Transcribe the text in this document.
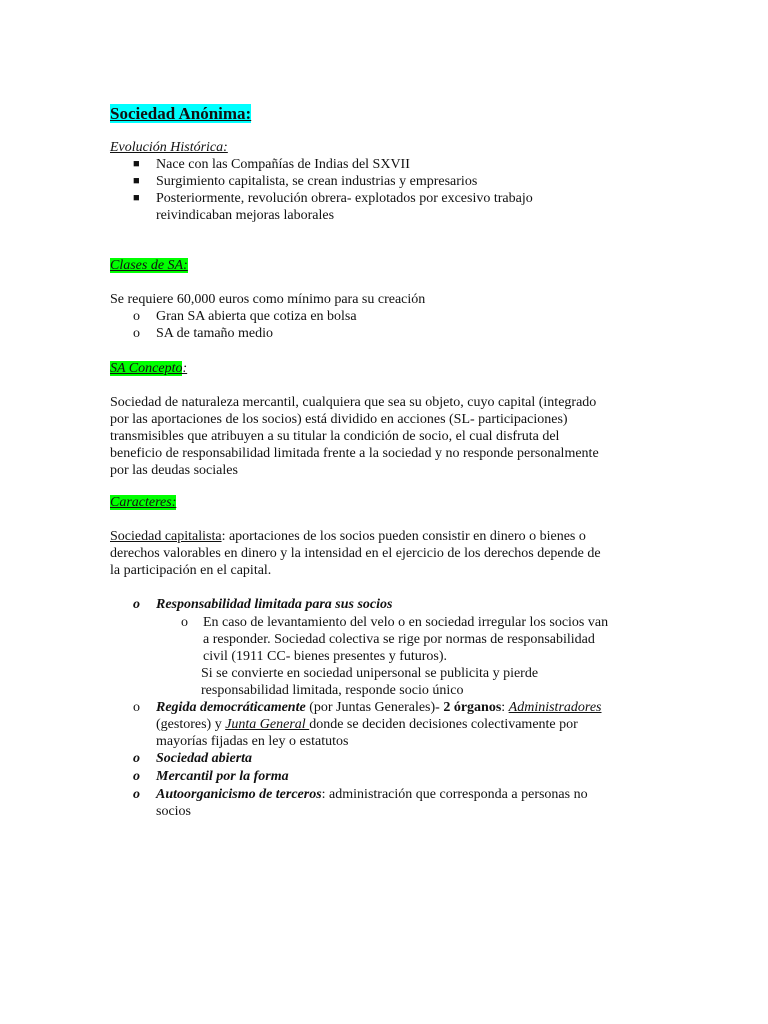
Sociedad Anónima:
Evolución Histórica:
■ Nace con las Compañías de Indias del SXVII
■ Surgimiento capitalista, se crean industrias y empresarios
■ Posteriormente, revolución obrera- explotados por excesivo trabajo
reivindicaban mejoras laborales
Clases de SA:
Se requiere 60,000 euros como mínimo para su creación
o Gran SA abierta que cotiza en bolsa
o SA de tamaño medio
SA Concepto:
Sociedad de naturaleza mercantil, cualquiera que sea su objeto, cuyo capital (integrado
por las aportaciones de los socios) está dividido en acciones (SL- participaciones)
transmisibles que atribuyen a su titular la condición de socio, el cual disfruta del
beneficio de responsabilidad limitada frente a la sociedad y no responde personalmente
por las deudas sociales
Caracteres:
Sociedad capitalista: aportaciones de los socios pueden consistir en dinero o bienes o
derechos valorables en dinero y la intensidad en el ejercicio de los derechos depende de
la participación en el capital.
o Responsabilidad limitada para sus socios
o En caso de levantamiento del velo o en sociedad irregular los socios van
a responder. Sociedad colectiva se rige por normas de responsabilidad
civil (1911 CC- bienes presentes y futuros).
Si se convierte en sociedad unipersonal se publicita y pierde
responsabilidad limitada, responde socio único
o Regida democráticamente (por Juntas Generales)- 2 órganos: Administradores
(gestores) y Junta General donde se deciden decisiones colectivamente por
mayorías fijadas en ley o estatutos
o Sociedad abierta
o Mercantil por la forma
o Autoorganicismo de terceros: administración que corresponda a personas no
socios
